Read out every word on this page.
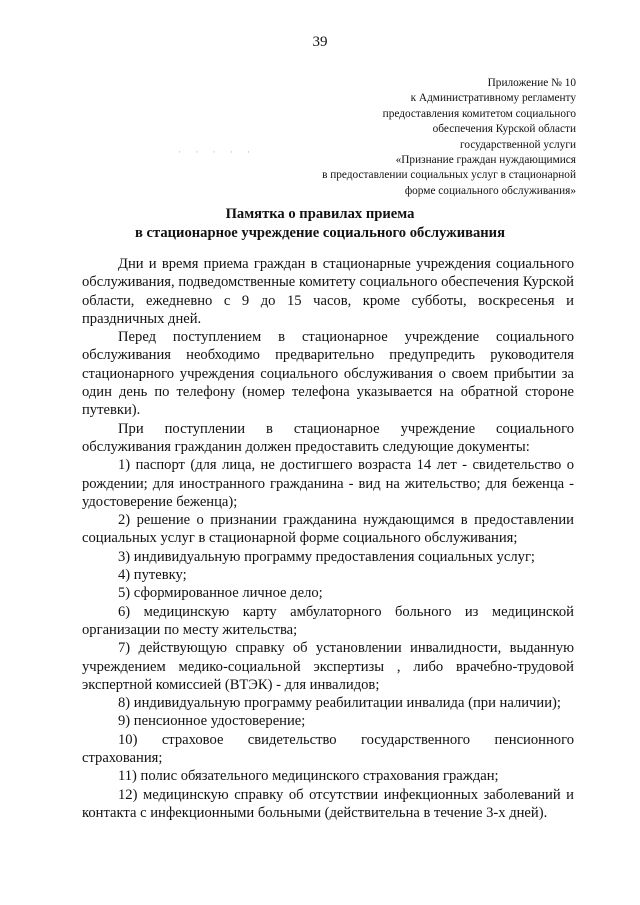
39
· · · · ·
Приложение № 10
к Административному регламенту
предоставления комитетом социального
обеспечения Курской области
государственной услуги
«Признание граждан нуждающимися
в предоставлении социальных услуг в стационарной
форме социального обслуживания»
Памятка о правилах приема
в стационарное учреждение социального обслуживания

Дни и время приема граждан в стационарные учреждения социального обслуживания, подведомственные комитету социального обеспечения Курской области, ежедневно с 9 до 15 часов, кроме субботы, воскресенья и праздничных дней.

Перед поступлением в стационарное учреждение социального обслуживания необходимо предварительно предупредить руководителя стационарного учреждения социального обслуживания о своем прибытии за один день по телефону (номер телефона указывается на обратной стороне путевки).

При поступлении в стационарное учреждение социального обслуживания гражданин должен предоставить следующие документы:

1) паспорт (для лица, не достигшего возраста 14 лет - свидетельство о рождении; для иностранного гражданина - вид на жительство; для беженца - удостоверение беженца);

2) решение о признании гражданина нуждающимся в предоставлении социальных услуг в стационарной форме социального обслуживания;

3) индивидуальную программу предоставления социальных услуг;

4) путевку;

5) сформированное личное дело;

6) медицинскую карту амбулаторного больного из медицинской организации по месту жительства;

7) действующую справку об установлении инвалидности, выданную учреждением медико-социальной экспертизы , либо врачебно-трудовой экспертной комиссией (ВТЭК) - для инвалидов;

8) индивидуальную программу реабилитации инвалида (при наличии);

9) пенсионное удостоверение;

10) страховое свидетельство государственного пенсионного страхования;

11) полис обязательного медицинского страхования граждан;

12) медицинскую справку об отсутствии инфекционных заболеваний и контакта с инфекционными больными (действительна в течение 3-х дней).
